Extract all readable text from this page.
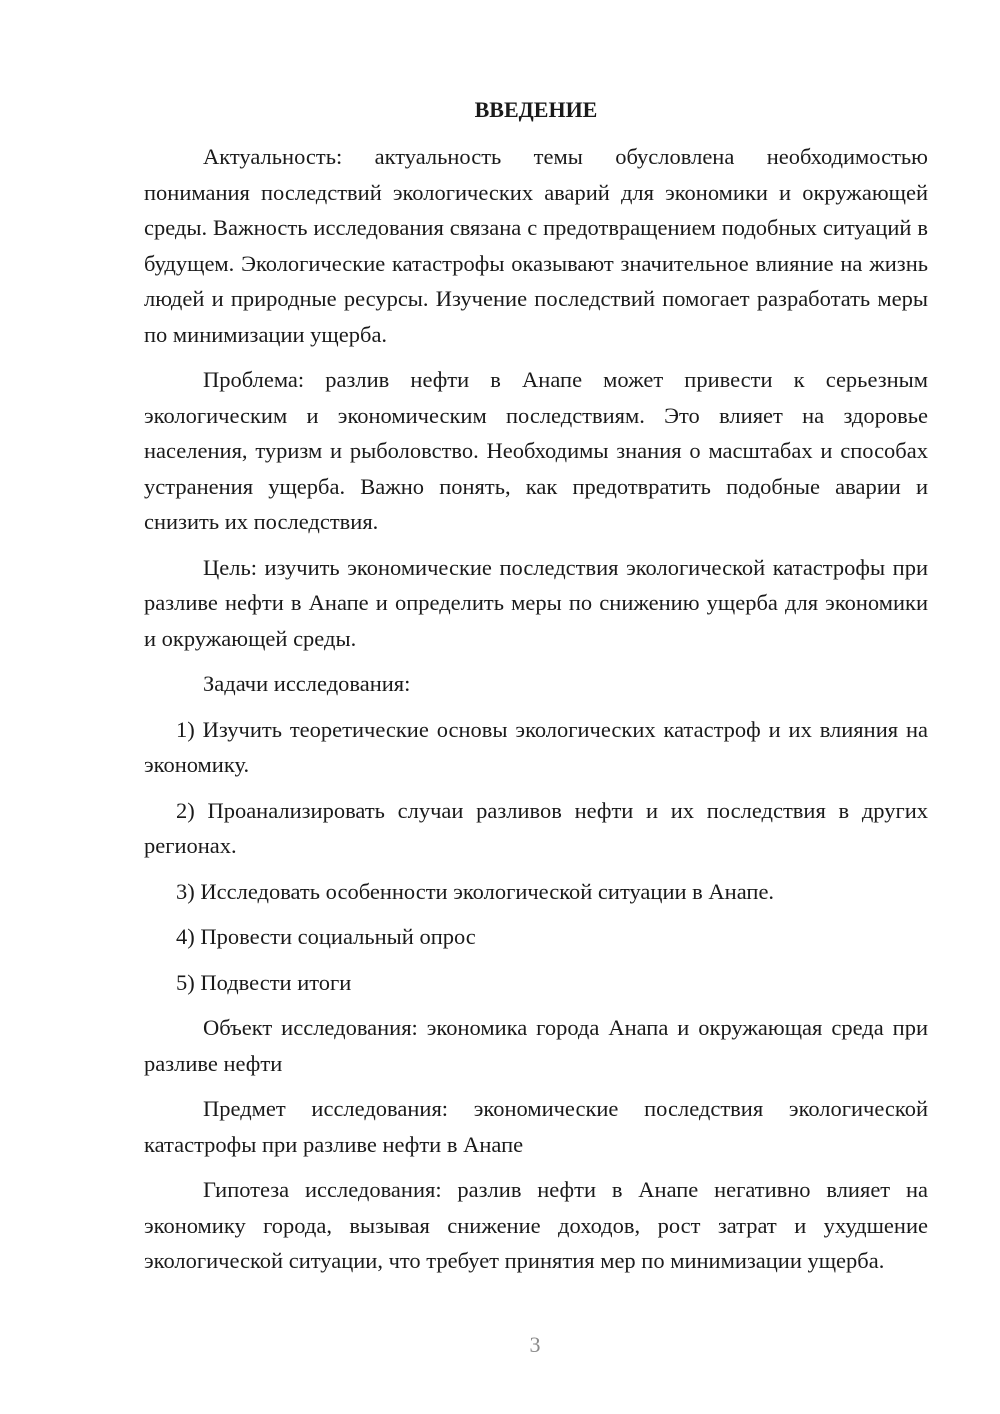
ВВЕДЕНИЕ

Актуальность: актуальность темы обусловлена необходимостью понимания последствий экологических аварий для экономики и окружающей среды. Важность исследования связана с предотвращением подобных ситуаций в будущем. Экологические катастрофы оказывают значительное влияние на жизнь людей и природные ресурсы. Изучение последствий помогает разработать меры по минимизации ущерба.

Проблема: разлив нефти в Анапе может привести к серьезным экологическим и экономическим последствиям. Это влияет на здоровье населения, туризм и рыболовство. Необходимы знания о масштабах и способах устранения ущерба. Важно понять, как предотвратить подобные аварии и снизить их последствия.

Цель: изучить экономические последствия экологической катастрофы при разливе нефти в Анапе и определить меры по снижению ущерба для экономики и окружающей среды.

Задачи исследования:

1) Изучить теоретические основы экологических катастроф и их влияния на экономику.

2) Проанализировать случаи разливов нефти и их последствия в других регионах.

3) Исследовать особенности экологической ситуации в Анапе.

4) Провести социальный опрос

5) Подвести итоги

Объект исследования: экономика города Анапа и окружающая среда при разливе нефти

Предмет исследования: экономические последствия экологической катастрофы при разливе нефти в Анапе

Гипотеза исследования: разлив нефти в Анапе негативно влияет на экономику города, вызывая снижение доходов, рост затрат и ухудшение экологической ситуации, что требует принятия мер по минимизации ущерба.

3
